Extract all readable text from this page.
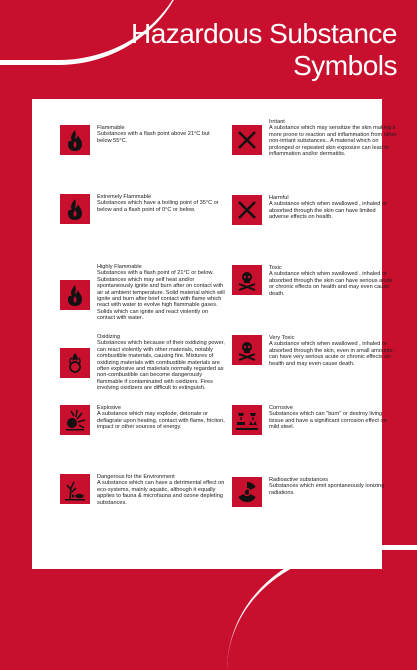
Hazardous Substance
Symbols
Flammable
Substances with a flash point above 21°C but below 55°C.
Extremely Flammable
Substances which have a boiling point of 35°C or below and a flash point of 0°C or below.
Highly Flammable
Substances with a flash point of 21°C or below. Substances which may self heat and/or spontaneously ignite and burn after on contact with air at ambient temperature. Solid material which will ignite and burn after brief contact with flame which react with water to evolve high flammable gases. Solids which can ignite and react violently on contact with water.
Oxidizing
Substances which because of their oxidizing power, can react violently with other materials, notably combustible materials, causing fire. Mixtures of oxidizing materials with combustible materials are often explosive and materials normally regarded as non-combustible can become dangerously flammable if contaminated with oxidizers. Fires involving oxidizers are difficult to extinguish.
Explosive
A substance which may explode, detonate or deflagrate upon heating, contact with flame, friction, impact or other sources of energy.
Dangerous for the Environment
A substance which can have a detrimental effect on eco-systems, mainly aquatic, although it equally applies to fauna & microfauna and ozone depleting substances.
Irritant
A substance which may sensitize the skin making it more prone to reaction and inflammation from other non-irritant substances.. A material which on prolonged or repeated skin exposure can lead to inflammation and/or dermatitis.
Harmful
A substance which when swallowed , inhaled or absorbed through the skin can have limited adverse effects on health.
Toxic
A substance which when swallowed , inhaled or absorbed through the skin can have serious acute or chronic effects on health and may even cause death.
Very Toxic
A substance which when swallowed , inhaled or absorbed through the skin, even in small amounts, can have very serious acute or chronic effects on health and may even cause death.
Corrosive
Substances which can "burn" or destroy living tissue and have a significant corrosion effect on mild steel.
Radioactive substances
Substances which emit spontaneously ionizing radiations.
